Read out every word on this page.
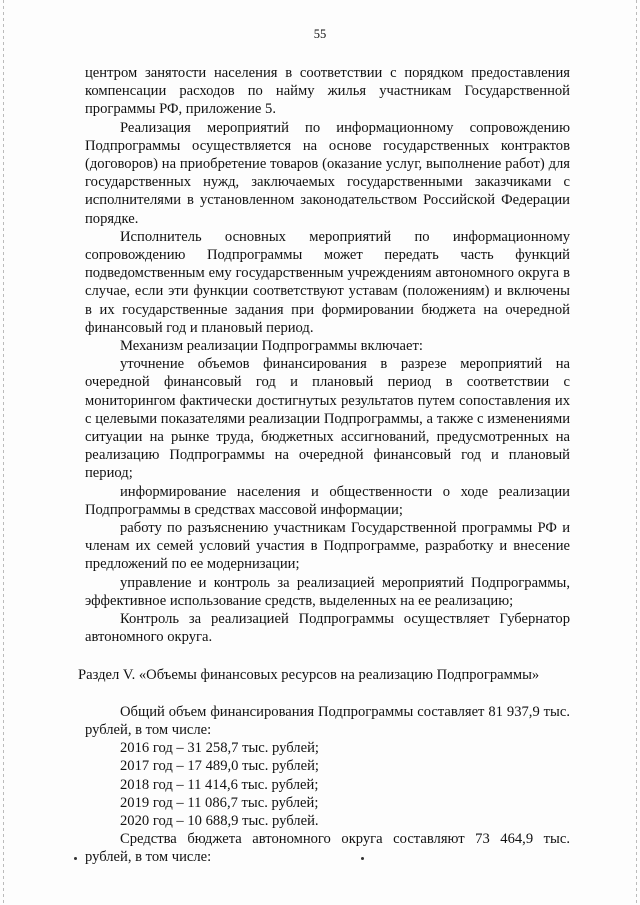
55

центром занятости населения в соответствии с порядком предоставления компенсации расходов по найму жилья участникам Государственной программы РФ, приложение 5.

Реализация мероприятий по информационному сопровождению Подпрограммы осуществляется на основе государственных контрактов (договоров) на приобретение товаров (оказание услуг, выполнение работ) для государственных нужд, заключаемых государственными заказчиками с исполнителями в установленном законодательством Российской Федерации порядке.

Исполнитель основных мероприятий по информационному сопровождению Подпрограммы может передать часть функций подведомственным ему государственным учреждениям автономного округа в случае, если эти функции соответствуют уставам (положениям) и включены в их государственные задания при формировании бюджета на очередной финансовый год и плановый период.

Механизм реализации Подпрограммы включает:

уточнение объемов финансирования в разрезе мероприятий на очередной финансовый год и плановый период в соответствии с мониторингом фактически достигнутых результатов путем сопоставления их с целевыми показателями реализации Подпрограммы, а также с изменениями ситуации на рынке труда, бюджетных ассигнований, предусмотренных на реализацию Подпрограммы на очередной финансовый год и плановый период;

информирование населения и общественности о ходе реализации Подпрограммы в средствах массовой информации;

работу по разъяснению участникам Государственной программы РФ и членам их семей условий участия в Подпрограмме, разработку и внесение предложений по ее модернизации;

управление и контроль за реализацией мероприятий Подпрограммы, эффективное использование средств, выделенных на ее реализацию;

Контроль за реализацией Подпрограммы осуществляет Губернатор автономного округа.

Раздел V. «Объемы финансовых ресурсов на реализацию Подпрограммы»

Общий объем финансирования Подпрограммы составляет 81 937,9 тыс. рублей, в том числе:

2016 год – 31 258,7 тыс. рублей;

2017 год – 17 489,0 тыс. рублей;

2018 год – 11 414,6 тыс. рублей;

2019 год – 11 086,7 тыс. рублей;

2020 год – 10 688,9 тыс. рублей.

Средства бюджета автономного округа составляют 73 464,9 тыс. рублей, в том числе:
